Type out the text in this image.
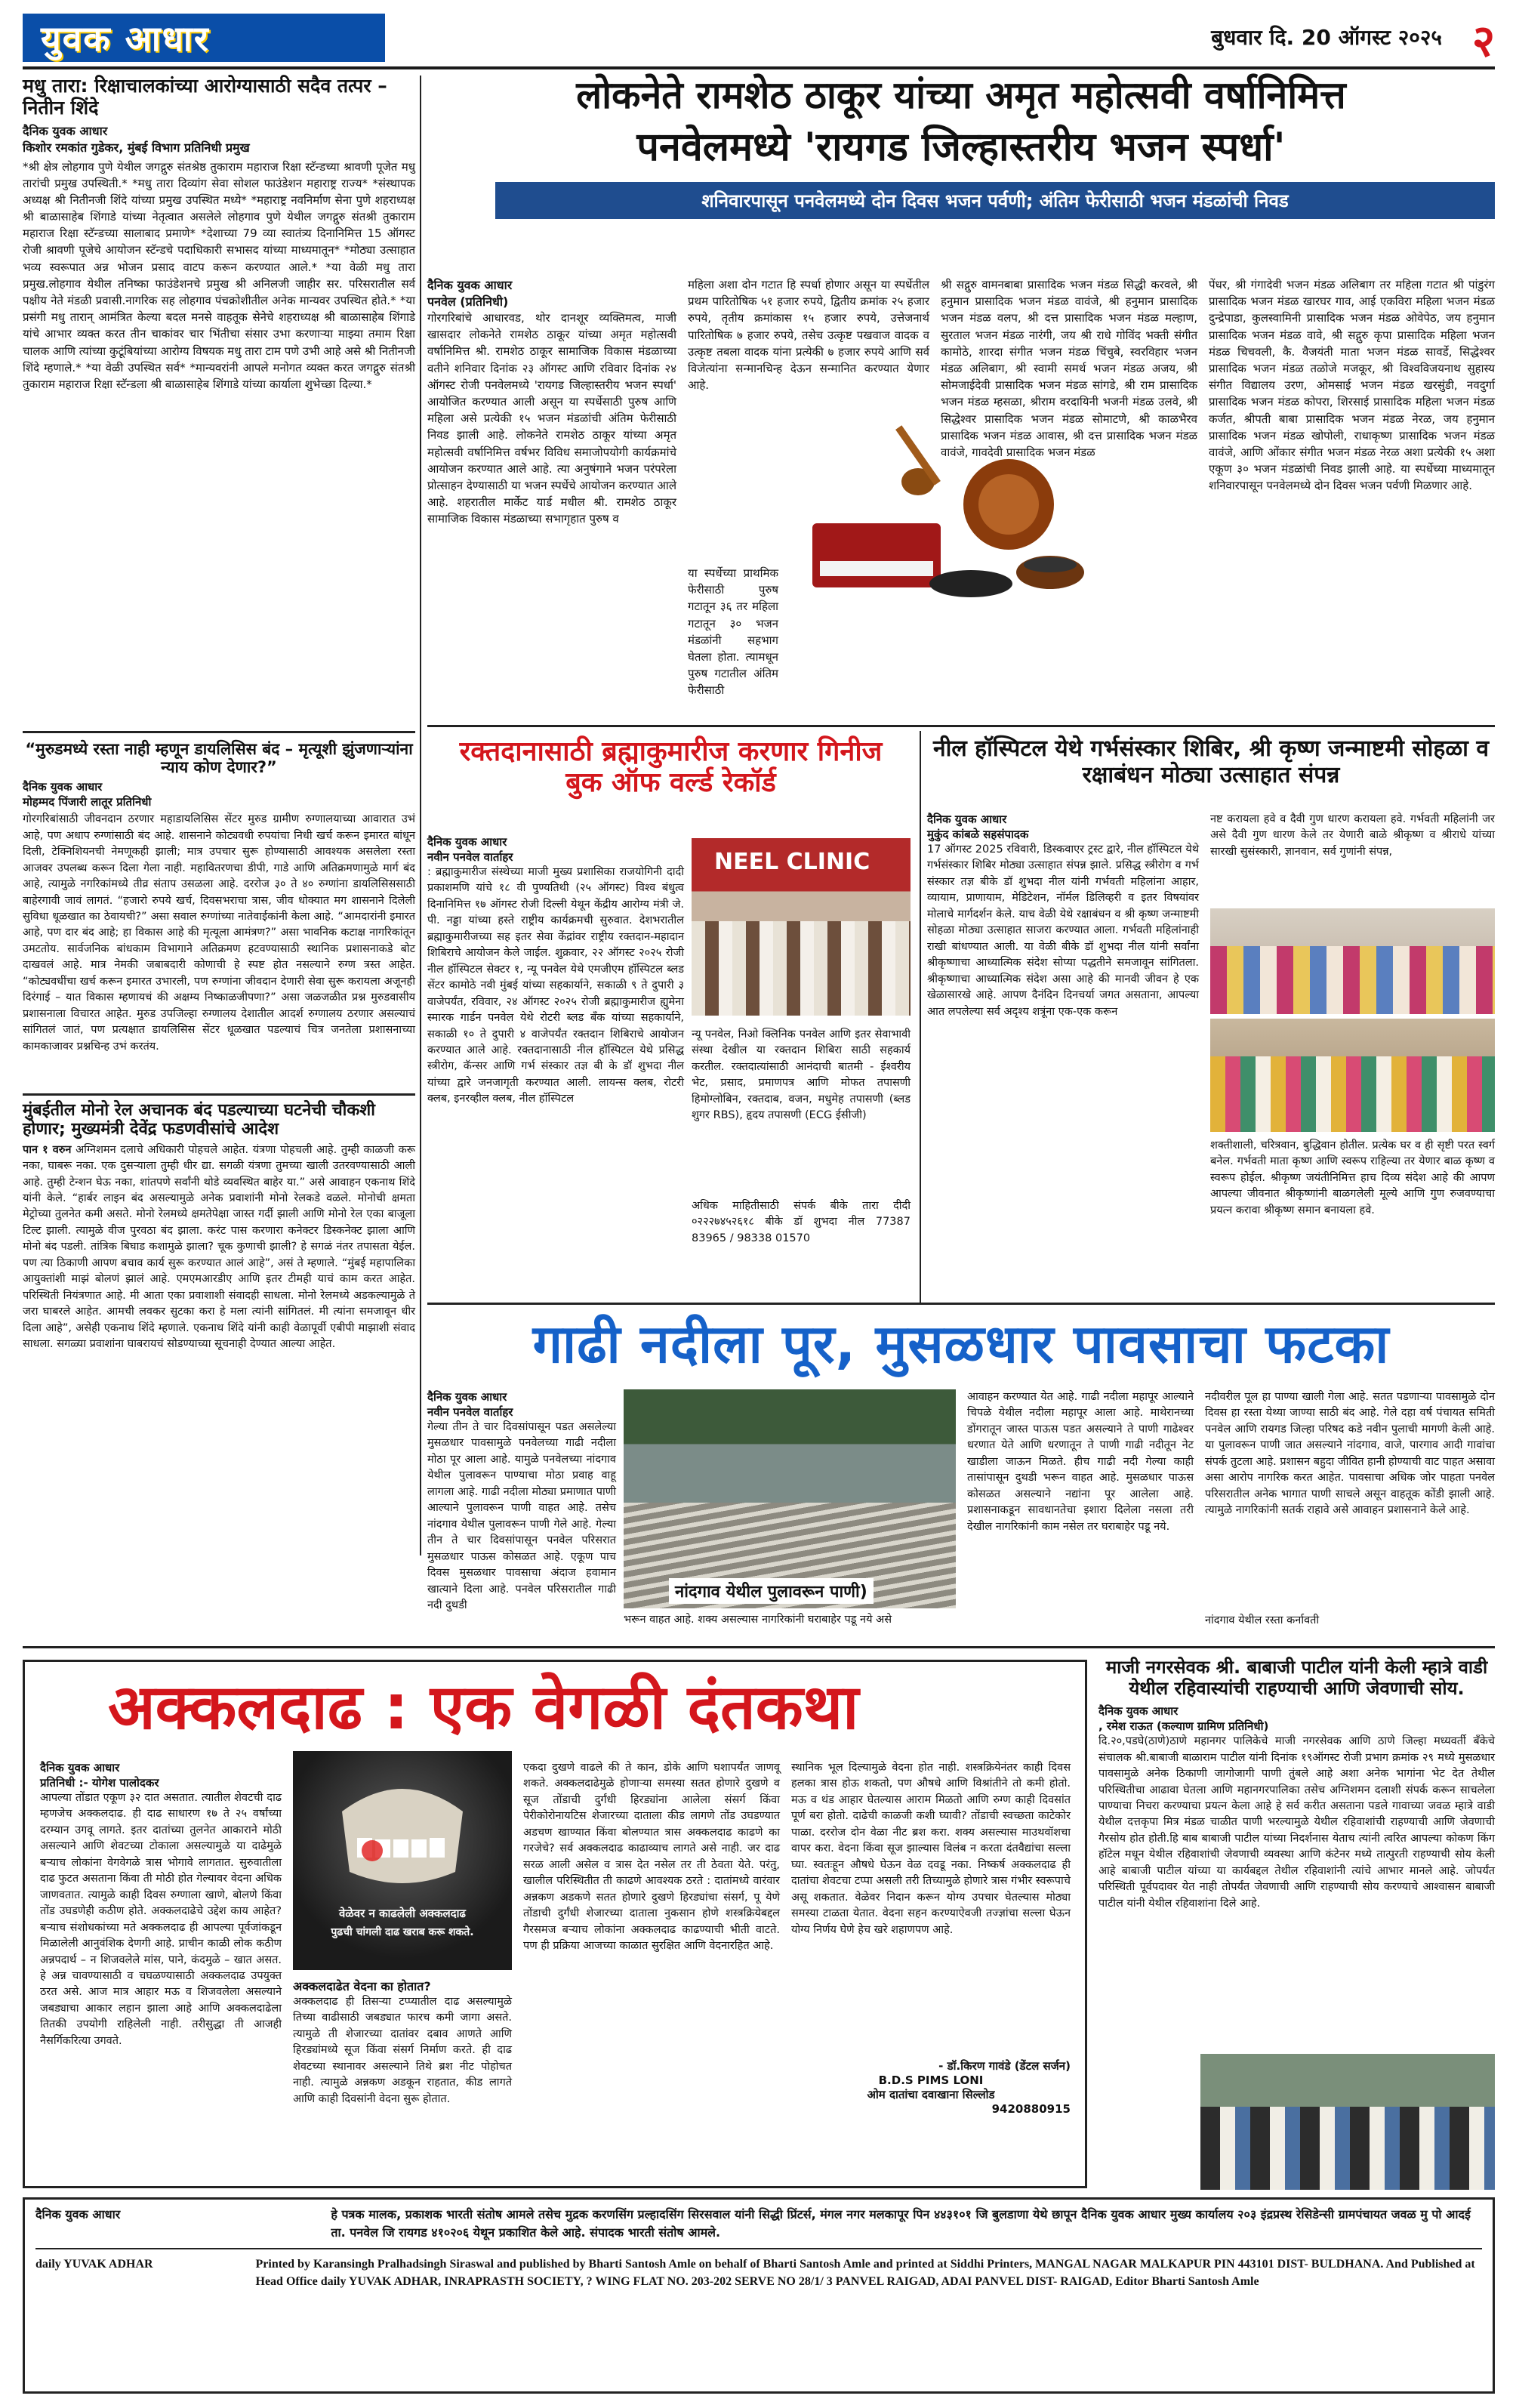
युवक आधार	बुधवार दि. 20 ऑगस्ट २०२५ २
मधु तारा: रिक्षाचालकांच्या आरोग्यासाठी सदैव तत्पर – नितीन शिंदे
दैनिक युवक आधार
किशोर रमकांत गुडेकर, मुंबई विभाग प्रतिनिधी प्रमुख
*श्री क्षेत्र लोहगाव पुणे येथील जगद्गुरु संतश्रेष्ठ तुकाराम महाराज रिक्षा स्टॅन्डच्या श्रावणी पूजेत मधु तारांची प्रमुख उपस्थिती.* *मधु तारा दिव्यांग सेवा सोशल फाउंडेशन महाराष्ट्र राज्य* *संस्थापक अध्यक्ष श्री नितीनजी शिंदे यांच्या प्रमुख उपस्थित मध्ये* *महाराष्ट्र नवनिर्माण सेना पुणे शहराध्यक्ष श्री बाळासाहेब शिंगाडे यांच्या नेतृत्वात असलेले लोहगाव पुणे येथील जगद्गुरु संतश्री तुकाराम महाराज रिक्षा स्टॅन्डच्या सालाबाद प्रमाणे* *देशाच्या 79 व्या स्वातंत्र्य दिनानिमित्त 15 ऑगस्ट रोजी श्रावणी पूजेचे आयोजन स्टॅन्डचे पदाधिकारी सभासद यांच्या माध्यमातून* *मोठ्या उत्साहात भव्य स्वरूपात अन्न भोजन प्रसाद वाटप करून करण्यात आले.* *या वेळी मधु तारा प्रमुख.लोहगाव येथील तनिष्का फाउंडेशनचे प्रमुख श्री अनिलजी जाहीर सर. परिसरातील सर्व पक्षीय नेते मंडळी प्रवासी.नागरिक सह लोहगाव पंचक्रोशीतील अनेक मान्यवर उपस्थित होते.* *या प्रसंगी मधु तारान्‌ आमंत्रित केल्या बदल मनसे वाहतूक सेनेचे शहराध्यक्ष श्री बाळासाहेब शिंगाडे यांचे आभार व्यक्त करत तीन चाकांवर चार भिंतीचा संसार उभा करणाऱ्या माझ्या तमाम रिक्षा चालक आणि त्यांच्या कुटूंबियांच्या आरोग्य विषयक मधु तारा टाम पणे उभी आहे असे श्री नितीनजी शिंदे म्हणाले.* *या वेळी उपस्थित सर्व* *मान्यवरांनी आपले मनोगत व्यक्त करत जगद्गुरु संतश्री तुकाराम महाराज रिक्षा स्टॅन्डला श्री बाळासाहेब शिंगाडे यांच्या कार्याला शुभेच्छा दिल्या.*
“मुरुडमध्ये रस्ता नाही म्हणून डायलिसिस बंद – मृत्यूशी झुंजणाऱ्यांना न्याय कोण देणार?”
दैनिक युवक आधार
मोहम्मद पिंजारी लातूर प्रतिनिधी
गोरगरिबांसाठी जीवनदान ठरणार महाडायलिसिस सेंटर मुरुड ग्रामीण रुग्णालयाच्या आवारात उभं आहे, पण अधाप रुग्णांसाठी बंद आहे. शासनाने कोट्यवधी रुपयांचा निधी खर्च करून इमारत बांधून दिली, टेक्निशियनची नेमणूकही झाली; मात्र उपचार सुरू होण्यासाठी आवश्यक असलेला रस्ता आजवर उपलब्ध करून दिला गेला नाही. महावितरणचा डीपी, गाडे आणि अतिक्रमणामुळे मार्ग बंद आहे, त्यामुळे नगरिकांमध्ये तीव्र संताप उसळला आहे. दररोज ३० ते ४० रुग्णांना डायलिसिससाठी बाहेरगावी जावं लागतं. “हजारो रुपये खर्च, दिवसभराचा त्रास, जीव धोक्यात मग शासनाने दिलेली सुविधा धूळखात का ठेवायची?” असा सवाल रुग्णांच्या नातेवाईकांनी केला आहे. “आमदारांनी इमारत आहे, पण दार बंद आहे; हा विकास आहे की मृत्यूला आमंत्रण?” असा भावनिक कटाक्ष नागरिकांतून उमटतोय. सार्वजनिक बांधकाम विभागाने अतिक्रमण हटवण्यासाठी स्थानिक प्रशासनाकडे बोट दाखवलं आहे. मात्र नेमकी जबाबदारी कोणाची हे स्पष्ट होत नसल्याने रुग्ण त्रस्त आहेत. “कोट्यवधींचा खर्च करून इमारत उभारली, पण रुग्णांना जीवदान देणारी सेवा सुरू करायला अजूनही दिरंगाई – यात विकास म्हणायचं की अक्षम्य निष्काळजीपणा?” असा जळजळीत प्रश्न मुरुडवासीय प्रशासनाला विचारत आहेत. मुरुड उपजिल्हा रुग्णालय देशातील आदर्श रुग्णालय ठरणार असल्याचं सांगितलं जातं, पण प्रत्यक्षात डायलिसिस सेंटर धूळखात पडल्याचं चित्र जनतेला प्रशासनाच्या कामकाजावर प्रश्नचिन्ह उभं करतंय.
मुंबईतील मोनो रेल अचानक बंद पडल्याच्या घटनेची चौकशी होणार; मुख्यमंत्री देवेंद्र फडणवीसांचे आदेश
पान १ वरुन अग्निशमन दलाचे अधिकारी पोहचले आहेत. यंत्रणा पोहचली आहे. तुम्ही काळजी करू नका, घाबरू नका. एक दुसऱ्याला तुम्ही धीर द्या. सगळी यंत्रणा तुमच्या खाली उतरवण्यासाठी आली आहे. तुम्ही टेन्शन घेऊ नका, शांतपणे सर्वांनी थोडे व्यवस्थित बाहेर या.” असे आवाहन एकनाथ शिंदे यांनी केले. “हार्बर लाइन बंद असल्यामुळे अनेक प्रवाशांनी मोनो रेलकडे वळले. मोनोची क्षमता मेट्रोच्या तुलनेत कमी असते. मोनो रेलमध्ये क्षमतेपेक्षा जास्त गर्दी झाली आणि मोनो रेल एका बाजूला टिल्ट झाली. त्यामुळे वीज पुरवठा बंद झाला. करंट पास करणारा कनेक्टर डिस्कनेक्ट झाला आणि मोनो बंद पडली. तांत्रिक बिघाड कशामुळे झाला? चूक कुणाची झाली? हे सगळं नंतर तपासता येईल. पण त्या ठिकाणी आपण बचाव कार्य सुरू करण्यात आलं आहे”, असं ते म्हणाले. “मुंबई महापालिका आयुक्तांशी माझं बोलणं झालं आहे. एमएमआरडीए आणि इतर टीमही याचं काम करत आहेत. परिस्थिती नियंत्रणात आहे. मी आता एका प्रवाशाशी संवादही साधला. मोनो रेलमध्ये अडकल्यामुळे ते जरा घाबरले आहेत. आमची लवकर सुटका करा हे मला त्यांनी सांगितलं. मी त्यांना समजावून धीर दिला आहे”, असेही एकनाथ शिंदे म्हणाले. एकनाथ शिंदे यांनी काही वेळापूर्वी एबीपी माझाशी संवाद साधला. सगळ्या प्रवाशांना घाबरायचं सोडण्याच्या सूचनाही देण्यात आल्या आहेत.
लोकनेते रामशेठ ठाकूर यांच्या अमृत महोत्सवी वर्षानिमित्त
पनवेलमध्ये 'रायगड जिल्हास्तरीय भजन स्पर्धा'
शनिवारपासून पनवेलमध्ये दोन दिवस भजन पर्वणी; अंतिम फेरीसाठी भजन मंडळांची निवड
दैनिक युवक आधार
पनवेल (प्रतिनिधी)
गोरगरिबांचे आधारवड, थोर दानशूर व्यक्तिमत्व, माजी खासदार लोकनेते रामशेठ ठाकूर यांच्या अमृत महोत्सवी वर्षानिमित्त श्री. रामशेठ ठाकूर सामाजिक विकास मंडळाच्या वतीने शनिवार दिनांक २३ ऑगस्ट आणि रविवार दिनांक २४ ऑगस्ट रोजी पनवेलमध्ये 'रायगड जिल्हास्तरीय भजन स्पर्धा' आयोजित करण्यात आली असून या स्पर्धेसाठी पुरुष आणि महिला असे प्रत्येकी १५ भजन मंडळांची अंतिम फेरीसाठी निवड झाली आहे. लोकनेते रामशेठ ठाकूर यांच्या अमृत महोत्सवी वर्षानिमित्त वर्षभर विविध समाजोपयोगी कार्यक्रमांचे आयोजन करण्यात आले आहे. त्या अनुषंगाने भजन परंपरेला प्रोत्साहन देण्यासाठी या भजन स्पर्धेचे आयोजन करण्यात आले आहे. शहरातील मार्केट यार्ड मधील श्री. रामशेठ ठाकूर सामाजिक विकास मंडळाच्या सभागृहात पुरुष व
महिला अशा दोन गटात हि स्पर्धा होणार असून या स्पर्धेतील प्रथम पारितोषिक ५१ हजार रुपये, द्वितीय क्रमांक २५ हजार रुपये, तृतीय क्रमांकास १५ हजार रुपये, उत्तेजनार्थ पारितोषिक ७ हजार रुपये, तसेच उत्कृष्ट पखवाज वादक व उत्कृष्ट तबला वादक यांना प्रत्येकी ७ हजार रुपये आणि सर्व विजेत्यांना सन्मानचिन्ह देऊन सन्मानित करण्यात येणार आहे.
या स्पर्धेच्या प्राथमिक फेरीसाठी पुरुष गटातून ३६ तर महिला गटातून ३० भजन मंडळांनी सहभाग घेतला होता. त्यामधून पुरुष गटातील अंतिम फेरीसाठी
श्री सद्गुरु वामनबाबा प्रासादिक भजन मंडळ सिद्धी करवले, श्री हनुमान प्रासादिक भजन मंडळ वावंजे, श्री हनुमान प्रासादिक भजन मंडळ वलप, श्री दत्त प्रासादिक भजन मंडळ मल्हाण, सुरताल भजन मंडळ नारंगी, जय श्री राधे गोविंद भक्ती संगीत कामोठे, शारदा संगीत भजन मंडळ चिंचुबे, स्वरविहार भजन मंडळ अलिबाग, श्री स्वामी समर्थ भजन मंडळ अजय, श्री सोमजाईदेवी प्रासादिक भजन मंडळ सांगडे, श्री राम प्रासादिक भजन मंडळ म्हसळा, श्रीराम वरदायिनी भजनी मंडळ उलवे, श्री सिद्धेश्वर प्रासादिक भजन मंडळ सोमाटणे, श्री काळभैरव प्रासादिक भजन मंडळ आवास, श्री दत्त प्रासादिक भजन मंडळ वावंजे, गावदेवी प्रासादिक भजन मंडळ
पेंधर, श्री गंगादेवी भजन मंडळ अलिबाग तर महिला गटात श्री पांडुरंग प्रासादिक भजन मंडळ खारघर गाव, आई एकविरा महिला भजन मंडळ दुन्द्रेपाडा, कुलस्वामिनी प्रासादिक भजन मंडळ ओवेपेठ, जय हनुमान प्रासादिक भजन मंडळ वावे, श्री सद्गुरु कृपा प्रासादिक महिला भजन मंडळ चिचवली, कै. वैजयंती माता भजन मंडळ सावर्डे, सिद्धेश्वर प्रासादिक भजन मंडळ तळोजे मजकूर, श्री विश्वविजयनाथ सुहास्य संगीत विद्यालय उरण, ओमसाई भजन मंडळ खरसुंडी, नवदुर्गा प्रासादिक भजन मंडळ कोपरा, शिरसाई प्रासादिक महिला भजन मंडळ कर्जत, श्रीपती बाबा प्रासादिक भजन मंडळ नेरळ, जय हनुमान प्रासादिक भजन मंडळ खोपोली, राधाकृष्ण प्रासादिक भजन मंडळ वावंजे, आणि ओंकार संगीत भजन मंडळ नेरळ अशा प्रत्येकी १५ अशा एकूण ३० भजन मंडळांची निवड झाली आहे. या स्पर्धेच्या माध्यमातून शनिवारपासून पनवेलमध्ये दोन दिवस भजन पर्वणी मिळणार आहे.
रक्तदानासाठी ब्रह्माकुमारीज करणार गिनीज बुक ऑफ वर्ल्ड रेकॉर्ड
दैनिक युवक आधार
नवीन पनवेल वार्ताहर
: ब्रह्माकुमारीज संस्थेच्या माजी मुख्य प्रशासिका राजयोगिनी दादी प्रकाशमणि यांचे १८ वी पुण्यतिथी (२५ ऑगस्ट) विश्व बंधुत्व दिनानिमित्त १७ ऑगस्ट रोजी दिल्ली येथून केंद्रीय आरोग्य मंत्री जे. पी. नड्डा यांच्या हस्ते राष्ट्रीय कार्यक्रमची सुरुवात. देशभरातील ब्रह्माकुमारीजच्या सह इतर सेवा केंद्रांवर राष्ट्रीय रक्तदान-महादान शिबिराचे आयोजन केले जाईल. शुक्रवार, २२ ऑगस्ट २०२५ रोजी नील हॉस्पिटल सेक्टर १, न्यू पनवेल येथे एमजीएम हॉस्पिटल ब्लड सेंटर कामोठे नवी मुंबई यांच्या सहकार्याने, सकाळी ९ ते दुपारी ३ वाजेपर्यंत, रविवार, २४ ऑगस्ट २०२५ रोजी ब्रह्माकुमारीज ह्युमेना स्मारक गार्डन पनवेल येथे रोटरी ब्लड बँक यांच्या सहकार्याने, सकाळी १० ते दुपारी ४ वाजेपर्यंत रक्तदान शिबिराचे आयोजन करण्यात आले आहे. रक्तदानासाठी नील हॉस्पिटल येथे प्रसिद्ध स्त्रीरोग, कॅन्सर आणि गर्भ संस्कार तज्ञ बी के डॉ शुभदा नील यांच्या द्वारे जनजागृती करण्यात आली. लायन्स क्लब, रोटरी क्लब, इनरव्हील क्लब, नील हॉस्पिटल
NEEL CLINIC
न्यू पनवेल, निओ क्लिनिक पनवेल आणि इतर सेवाभावी संस्था देखील या रक्तदान शिबिरा साठी सहकार्य करतील. रक्तदात्यांसाठी आनंदाची बातमी - ईश्वरीय भेट, प्रसाद, प्रमाणपत्र आणि मोफत तपासणी हिमोग्लोबिन, रक्तदाब, वजन, मधुमेह तपासणी (ब्लड शुगर RBS), हृदय तपासणी (ECG ईसीजी)
अधिक माहितीसाठी संपर्क बीके तारा दीदी ०२२२७४५२६१८ बीके डॉ शुभदा नील 77387 83965 / 98338 01570
नील हॉस्पिटल येथे गर्भसंस्कार शिबिर, श्री कृष्ण जन्माष्टमी सोहळा व रक्षाबंधन मोठ्या उत्साहात संपन्न
दैनिक युवक आधार
मुकुंद कांबळे सहसंपादक
17 ऑगस्ट 2025 रविवारी, डिस्कवाएर ट्रस्ट द्वारे, नील हॉस्पिटल येथे गर्भसंस्कार शिबिर मोठ्या उत्साहात संपन्न झाले. प्रसिद्ध स्त्रीरोग व गर्भ संस्कार तज्ञ बीके डॉ शुभदा नील यांनी गर्भवती महिलांना आहार, व्यायाम, प्राणायाम, मेडिटेशन, नॉर्मल डिलिव्हरी व इतर विषयांवर मोलाचे मार्गदर्शन केले. याच वेळी येथे रक्षाबंधन व श्री कृष्ण जन्माष्टमी सोहळा मोठ्या उत्साहात साजरा करण्यात आला. गर्भवती महिलांनाही राखी बांधण्यात आली. या वेळी बीके डॉ शुभदा नील यांनी सर्वांना श्रीकृष्णाचा आध्यात्मिक संदेश सोप्या पद्धतीने समजावून सांगितला. श्रीकृष्णाचा आध्यात्मिक संदेश असा आहे की मानवी जीवन हे एक खेळासारखे आहे. आपण दैनंदिन दिनचर्या जगत असताना, आपल्या आत लपलेल्या सर्व अदृश्य शत्रूंना एक-एक करून
नष्ट करायला हवे व दैवी गुण धारण करायला हवे. गर्भवती महिलांनी जर असे दैवी गुण धारण केले तर येणारी बाळे श्रीकृष्ण व श्रीराधे यांच्या सारखी सुसंस्कारी, ज्ञानवान, सर्व गुणांनी संपन्न,
शक्तीशाली, चरित्रवान, बुद्धिवान होतील. प्रत्येक घर व ही सृष्टी परत स्वर्ग बनेल. गर्भवती माता कृष्ण आणि स्वरूप राहिल्या तर येणार बाळ कृष्ण व स्वरूप होईल. श्रीकृष्ण जयंतीनिमित्त हाच दिव्य संदेश आहे की आपण आपल्या जीवनात श्रीकृष्णांनी बाळगलेली मूल्ये आणि गुण रुजवण्याचा प्रयत्न करावा श्रीकृष्ण समान बनायला हवे.
गाढी नदीला पूर, मुसळधार पावसाचा फटका
दैनिक युवक आधार
नवीन पनवेल वार्ताहर
गेल्या तीन ते चार दिवसांपासून पडत असलेल्या मुसळधार पावसामुळे पनवेलच्या गाढी नदीला मोठा पूर आला आहे. यामुळे पनवेलच्या नांदगाव येथील पुलावरून पाण्याचा मोठा प्रवाह वाहू लागला आहे. गाढी नदीला मोठ्या प्रमाणात पाणी आल्याने पुलावरून पाणी वाहत आहे. तसेच नांदगाव येथील पुलावरून पाणी गेले आहे. गेल्या तीन ते चार दिवसांपासून पनवेल परिसरात मुसळधार पाऊस कोसळत आहे. एकूण पाच दिवस मुसळधार पावसाचा अंदाज हवामान खात्याने दिला आहे. पनवेल परिसरातील गाढी नदी दुथडी
नांदगाव येथील पुलावरून पाणी)
भरून वाहत आहे. शक्य असल्यास नागरिकांनी घराबाहेर पडू नये असे
आवाहन करण्यात येत आहे. गाढी नदीला महापूर आल्याने चिपळे येथील नदीला महापूर आला आहे. माथेरानच्या डोंगरातून जास्त पाऊस पडत असल्याने ते पाणी गाढेश्वर धरणात येते आणि धरणातून ते पाणी गाढी नदीतून नेट खाडीला जाऊन मिळते. हीच गाढी नदी गेल्या काही तासांपासून दुथडी भरून वाहत आहे. मुसळधार पाऊस कोसळत असल्याने नद्यांना पूर आलेला आहे. प्रशासनाकडून सावधानतेचा इशारा दिलेला नसला तरी देखील नागरिकांनी काम नसेल तर घराबाहेर पडू नये.
नदीवरील पूल हा पाण्या खाली गेला आहे. सतत पडणाऱ्या पावसामुळे दोन दिवस हा रस्ता येथ्या जाण्या साठी बंद आहे. गेले दहा वर्ष पंचायत समिती पनवेल आणि रायगड जिल्हा परिषद कडे नवीन पुलाची मागणी केली आहे. या पुलावरून पाणी जात असल्याने नांदगाव, वाजे, पारगाव आदी गावांचा संपर्क तुटला आहे. प्रशासन बहुदा जीवित हानी होण्याची वाट पाहत असावा असा आरोप नागरिक करत आहेत. पावसाचा अधिक जोर पाहता पनवेल परिसरातील अनेक भागात पाणी साचले असून वाहतूक कोंडी झाली आहे. त्यामुळे नागरिकांनी सतर्क राहावे असे आवाहन प्रशासनाने केले आहे.
नांदगाव येथील रस्ता कर्नावती
अक्कलदाढ : एक वेगळी दंतकथा
दैनिक युवक आधार
प्रतिनिधी :- योगेश पालोदकर
आपल्या तोंडात एकूण ३२ दात असतात. त्यातील शेवटची दाढ म्हणजेच अक्कलदाढ. ही दाढ साधारण १७ ते २५ वर्षांच्या दरम्यान उगवू लागते. इतर दातांच्या तुलनेत आकाराने मोठी असल्याने आणि शेवटच्या टोकाला असल्यामुळे या दाढेमुळे बऱ्याच लोकांना वेगवेगळे त्रास भोगावे लागतात. सुरुवातीला दाढ फुटत असताना किंवा ती मोठी होत गेल्यावर वेदना अधिक जाणवतात. त्यामुळे काही दिवस रुग्णाला खाणे, बोलणे किंवा तोंड उघडणेही कठीण होते. अक्कलदाढेचे उद्देश काय आहेत? बऱ्याच संशोधकांच्या मते अक्कलदाढ ही आपल्या पूर्वजांकडून मिळालेली आनुवंशिक देणगी आहे. प्राचीन काळी लोक कठीण अन्नपदार्थ – न शिजवलेले मांस, पाने, कंदमुळे – खात असत. हे अन्न चावण्यासाठी व चघळण्यासाठी अक्कलदाढ उपयुक्त ठरत असे. आज मात्र आहार मऊ व शिजवलेला असल्याने जबड्याचा आकार लहान झाला आहे आणि अक्कलदाढेला तितकी उपयोगी राहिलेली नाही. तरीसुद्धा ती आजही नैसर्गिकरित्या उगवते.
वेळेवर न काढलेली अक्कलदाढ
पुढची चांगली दाढ खराब करू शकते.
अक्कलदाढेत वेदना का होतात?
अक्कलदाढ ही तिसऱ्या टप्प्यातील दाढ असल्यामुळे तिच्या वाढीसाठी जबड्यात फारच कमी जागा असते. त्यामुळे ती शेजारच्या दातांवर दबाव आणते आणि हिरड्यांमध्ये सूज किंवा संसर्ग निर्माण करते. ही दाढ शेवटच्या स्थानावर असल्याने तिथे ब्रश नीट पोहोचत नाही. त्यामुळे अन्नकण अडकून राहतात, कीड लागते आणि काही दिवसांनी वेदना सुरू होतात.
एकदा दुखणे वाढले की ते कान, डोके आणि घशापर्यंत जाणवू शकते. अक्कलदाढेमुळे होणाऱ्या समस्या सतत होणारे दुखणे व सूज तोंडाची दुर्गंधी हिरड्यांना आलेला संसर्ग किंवा पेरीकोरोनायटिस शेजारच्या दाताला कीड लागणे तोंड उघडण्यात अडचण खाण्यात किंवा बोलण्यात त्रास अक्कलदाढ काढणे का गरजेचे? सर्व अक्कलदाढ काढाव्याच लागते असे नाही. जर दाढ सरळ आली असेल व त्रास देत नसेल तर ती ठेवता येते. परंतु, खालील परिस्थितीत ती काढणे आवश्यक ठरते : दातांमध्ये वारंवार अन्नकण अडकणे सतत होणारे दुखणे हिरड्यांचा संसर्ग, पू येणे तोंडाची दुर्गंधी शेजारच्या दाताला नुकसान होणे शस्त्रक्रियेबद्दल गैरसमज बऱ्याच लोकांना अक्कलदाढ काढण्याची भीती वाटते. पण ही प्रक्रिया आजच्या काळात सुरक्षित आणि वेदनारहित आहे.
स्थानिक भूल दिल्यामुळे वेदना होत नाही. शस्त्रक्रियेनंतर काही दिवस हलका त्रास होऊ शकतो, पण औषधे आणि विश्रांतीने तो कमी होतो. मऊ व थंड आहार घेतल्यास आराम मिळतो आणि रुग्ण काही दिवसांत पूर्ण बरा होतो. दाढेची काळजी कशी घ्यावी? तोंडाची स्वच्छता काटेकोर पाळा. दररोज दोन वेळा नीट ब्रश करा. शक्य असल्यास माउथवॉशचा वापर करा. वेदना किंवा सूज झाल्यास विलंब न करता दंतवैद्यांचा सल्ला घ्या. स्वतःहून औषधे घेऊन वेळ दवडू नका. निष्कर्ष अक्कलदाढ ही दातांचा शेवटचा टप्पा असली तरी तिच्यामुळे होणारे त्रास गंभीर स्वरूपाचे असू शकतात. वेळेवर निदान करून योग्य उपचार घेतल्यास मोठ्या समस्या टाळता येतात. वेदना सहन करण्याऐवजी तज्ज्ञांचा सल्ला घेऊन योग्य निर्णय घेणे हेच खरे शहाणपण आहे.
- डॉ.किरण गावंडे (डेंटल सर्जन)
B.D.S PIMS LONI
ओम दातांचा दवाखाना सिल्लोड
9420880915
माजी नगरसेवक श्री. बाबाजी पाटील यांनी केली म्हात्रे वाडी येथील रहिवास्यांची राहण्याची आणि जेवणाची सोय.
दैनिक युवक आधार
, रमेश राऊत (कल्याण ग्रामिण प्रतिनिधी)
दि.२०,पडघे(ठाणे)ठाणे महानगर पालिकेचे माजी नगरसेवक आणि ठाणे जिल्हा मध्यवर्ती बँकेचे संचालक श्री.बाबाजी बाळाराम पाटील यांनी दिनांक १९ऑगस्ट रोजी प्रभाग क्रमांक २९ मध्ये मुसळधार पावसामुळे अनेक ठिकाणी जागोजागी पाणी तुंबले आहे अशा अनेक भागांना भेट देत तेथील परिस्थितीचा आढावा घेतला आणि महानगरपालिका तसेच अग्निशमन दलाशी संपर्क करून साचलेला पाण्याचा निचरा करण्याचा प्रयत्न केला आहे हे सर्व करीत असताना पडले गावाच्या जवळ म्हात्रे वाडी येथील दत्तकृपा मित्र मंडळ चाळीत पाणी भरल्यामुळे येथील रहिवाशांची राहण्याची आणि जेवणाची गैरसोय होत होती.हि बाब बाबाजी पाटील यांच्या निदर्शनास येताच त्यांनी त्वरित आपल्या कोकण किंग हॉटेल मधून येथील रहिवाशांची जेवणाची व्यवस्था आणि कंटेनर मध्ये तात्पुरती राहण्याची सोय केली आहे बाबाजी पाटील यांच्या या कार्यबद्दल तेथील रहिवाशांनी त्यांचे आभार मानले आहे. जोपर्यंत परिस्थिती पूर्वपदावर येत नाही तोपर्यंत जेवणाची आणि राहण्याची सोय करण्याचे आश्वासन बाबाजी पाटील यांनी येथील रहिवाशांना दिले आहे.
दैनिक युवक आधार	हे पत्रक मालक, प्रकाशक भारती संतोष आमले तसेच मुद्रक करणसिंग प्रल्हादसिंग सिरसवाल यांनी सिद्धी प्रिंटर्स, मंगल नगर मलकापूर पिन ४४३१०१ जि बुलडाणा येथे छापून दैनिक युवक आधार मुख्य कार्यालय २०३ इंद्रप्रस्थ रेसिडेन्सी ग्रामपंचायत जवळ मु पो आदई ता. पनवेल जि रायगड ४१०२०६ येथून प्रकाशित केले आहे. संपादक भारती संतोष आमले.
daily YUVAK ADHAR	Printed by Karansingh Pralhadsingh Siraswal and published by Bharti Santosh Amle on behalf of Bharti Santosh Amle and printed at Siddhi Printers, MANGAL NAGAR MALKAPUR PIN 443101 DIST- BULDHANA. And Published at Head Office daily YUVAK ADHAR, INRAPRASTH SOCIETY, ? WING FLAT NO. 203-202 SERVE NO 28/1/ 3 PANVEL RAIGAD, ADAI PANVEL DIST- RAIGAD, Editor Bharti Santosh Amle
